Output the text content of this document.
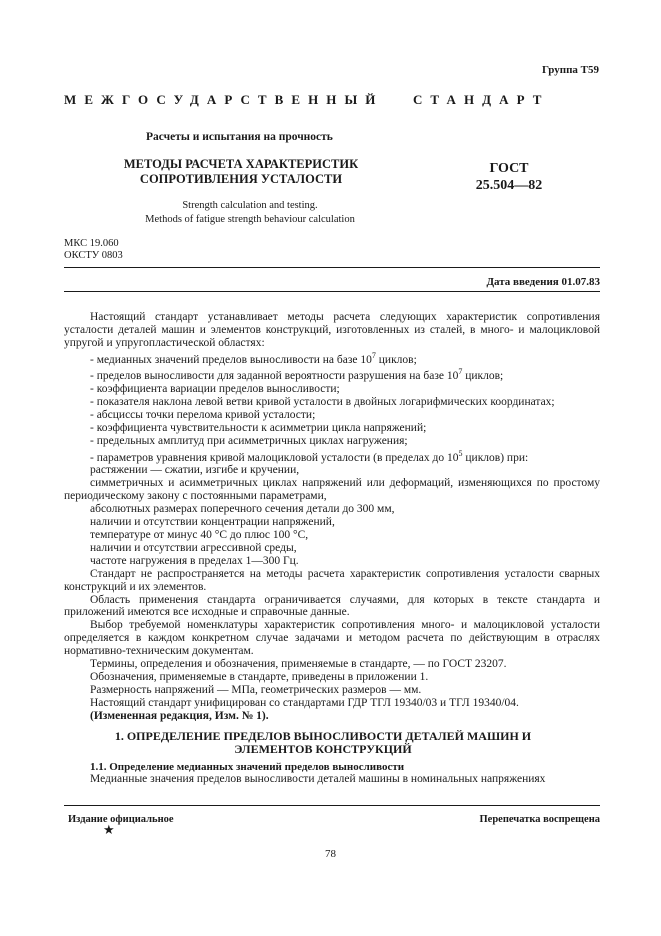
Группа Т59
МЕЖГОСУДАРСТВЕННЫЙ СТАНДАРТ
Расчеты и испытания на прочность
МЕТОДЫ РАСЧЕТА ХАРАКТЕРИСТИК СОПРОТИВЛЕНИЯ УСТАЛОСТИ
ГОСТ
25.504—82
Strength calculation and testing.
Methods of fatigue strength behaviour calculation
МКС 19.060
ОКСТУ 0803
Дата введения 01.07.83

Настоящий стандарт устанавливает методы расчета следующих характеристик сопротивления усталости деталей машин и элементов конструкций, изготовленных из сталей, в много- и малоцикловой упругой и упругопластической областях:

- медианных значений пределов выносливости на базе $10^7$ циклов;

- пределов выносливости для заданной вероятности разрушения на базе $10^7$ циклов;

- коэффициента вариации пределов выносливости;

- показателя наклона левой ветви кривой усталости в двойных логарифмических координатах;

- абсциссы точки перелома кривой усталости;

- коэффициента чувствительности к асимметрии цикла напряжений;

- предельных амплитуд при асимметричных циклах нагружения;

- параметров уравнения кривой малоцикловой усталости (в пределах до $10^5$ циклов) при:

растяжении — сжатии, изгибе и кручении,

симметричных и асимметричных циклах напряжений или деформаций, изменяющихся по простому периодическому закону с постоянными параметрами,

абсолютных размерах поперечного сечения детали до 300 мм,

наличии и отсутствии концентрации напряжений,

температуре от минус 40 °С до плюс 100 °С,

наличии и отсутствии агрессивной среды,

частоте нагружения в пределах 1—300 Гц.

Стандарт не распространяется на методы расчета характеристик сопротивления усталости сварных конструкций и их элементов.

Область применения стандарта ограничивается случаями, для которых в тексте стандарта и приложений имеются все исходные и справочные данные.

Выбор требуемой номенклатуры характеристик сопротивления много- и малоцикловой усталости определяется в каждом конкретном случае задачами и методом расчета по действующим в отраслях нормативно-техническим документам.

Термины, определения и обозначения, применяемые в стандарте, — по ГОСТ 23207.

Обозначения, применяемые в стандарте, приведены в приложении 1.

Размерность напряжений — МПа, геометрических размеров — мм.

Настоящий стандарт унифицирован со стандартами ГДР ТГЛ 19340/03 и ТГЛ 19340/04.

(Измененная редакция, Изм. № 1).

1. ОПРЕДЕЛЕНИЕ ПРЕДЕЛОВ ВЫНОСЛИВОСТИ ДЕТАЛЕЙ МАШИН И ЭЛЕМЕНТОВ КОНСТРУКЦИЙ

1.1. Определение медианных значений пределов выносливости

Медианные значения пределов выносливости деталей машины в номинальных напряжениях

Издание официальное
★
Перепечатка воспрещена
78
